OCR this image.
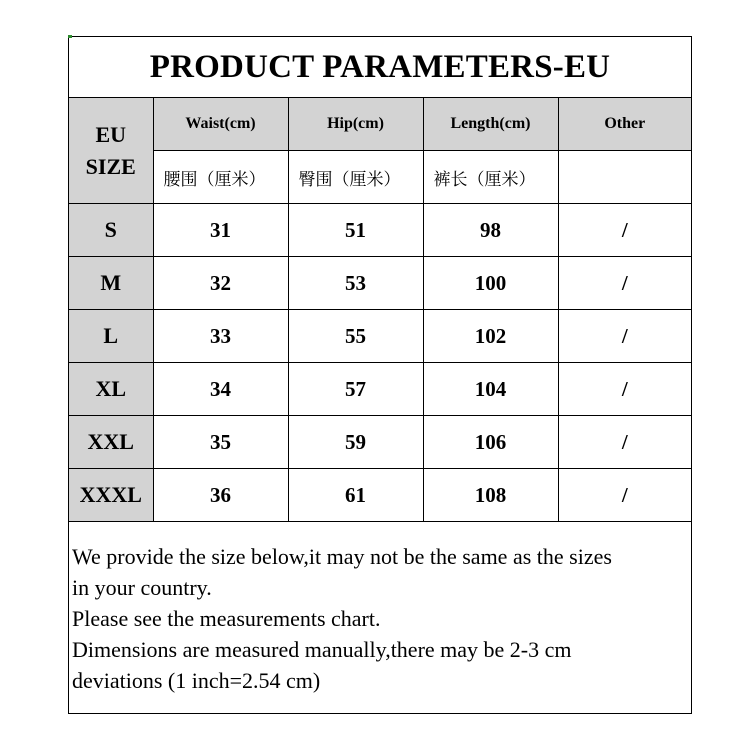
PRODUCT PARAMETERS-EU
EU
SIZE	Waist(cm)	Hip(cm)	Length(cm)	Other
	腰围（厘米）	臀围（厘米）	裤长（厘米）	
S	31	51	98	/
M	32	53	100	/
L	33	55	102	/
XL	34	57	104	/
XXL	35	59	106	/
XXXL	36	61	108	/
We provide the size below,it may not be the same as the sizes
in your country.
Please see the measurements chart.
Dimensions are measured manually,there may be 2-3 cm
deviations (1 inch=2.54 cm)
